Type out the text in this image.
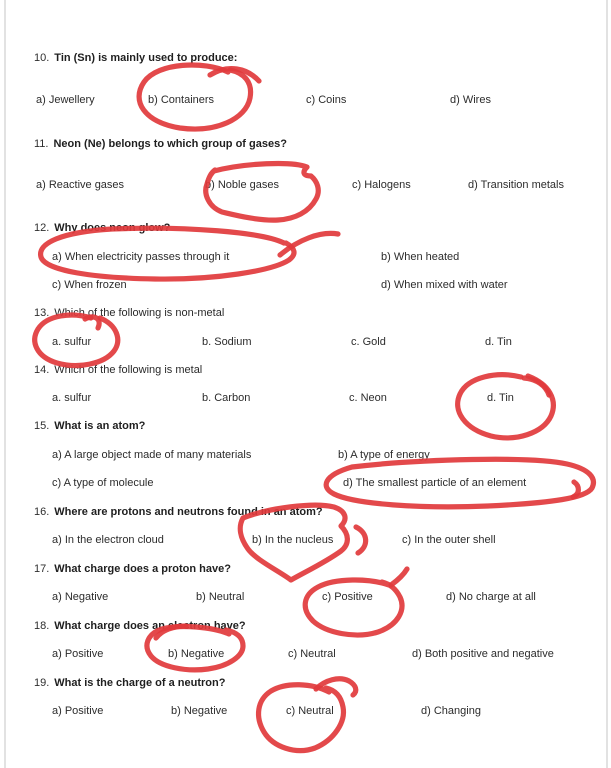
10. Tin (Sn) is mainly used to produce:
a) Jewellery	b) Containers	c) Coins	d) Wires
11. Neon (Ne) belongs to which group of gases?
a) Reactive gases	b) Noble gases	c) Halogens	d) Transition metals
12. Why does neon glow?
a) When electricity passes through it	b) When heated
c) When frozen	d) When mixed with water
13. Which of the following is non-metal
a. sulfur	b. Sodium	c. Gold	d. Tin
14. Which of the following is metal
a. sulfur	b. Carbon	c. Neon	d. Tin
15. What is an atom?
a) A large object made of many materials	b) A type of energy
c) A type of molecule	d) The smallest particle of an element
16. Where are protons and neutrons found in an atom?
a) In the electron cloud	b) In the nucleus	c) In the outer shell
17. What charge does a proton have?
a) Negative	b) Neutral	c) Positive	d) No charge at all
18. What charge does an electron have?
a) Positive	b) Negative	c) Neutral	d) Both positive and negative
19. What is the charge of a neutron?
a) Positive	b) Negative	c) Neutral	d) Changing
